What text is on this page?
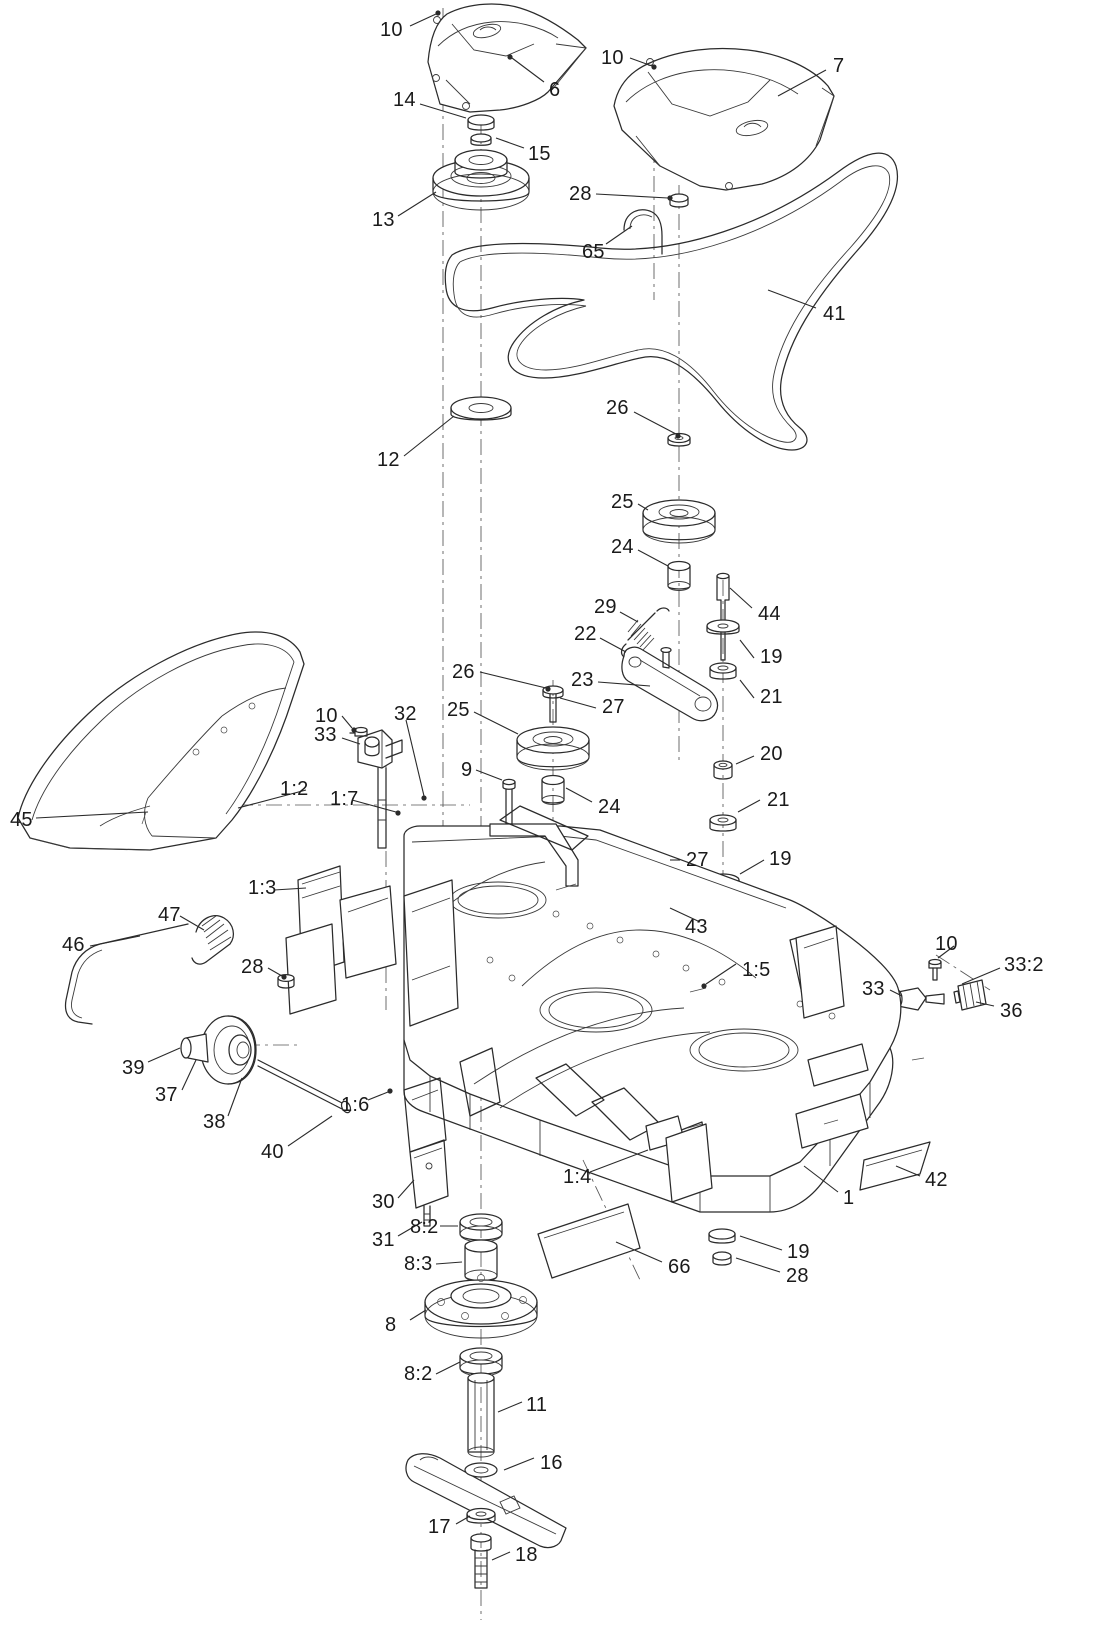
10
6
10	7
14
15
13
28
65
41
26
12
25
24
44
29
22
19
23
21
26
25	27
10	32
33
20
9
21
24
1:2 1:7
45
27	19
1:3
43
47
28
46
1:5
10
33:2
33
36
39
37
38
1:6
40
30
1:4
1
42
31
8:2
66
19
28
8:3
8
8:2
11
16
17
18
